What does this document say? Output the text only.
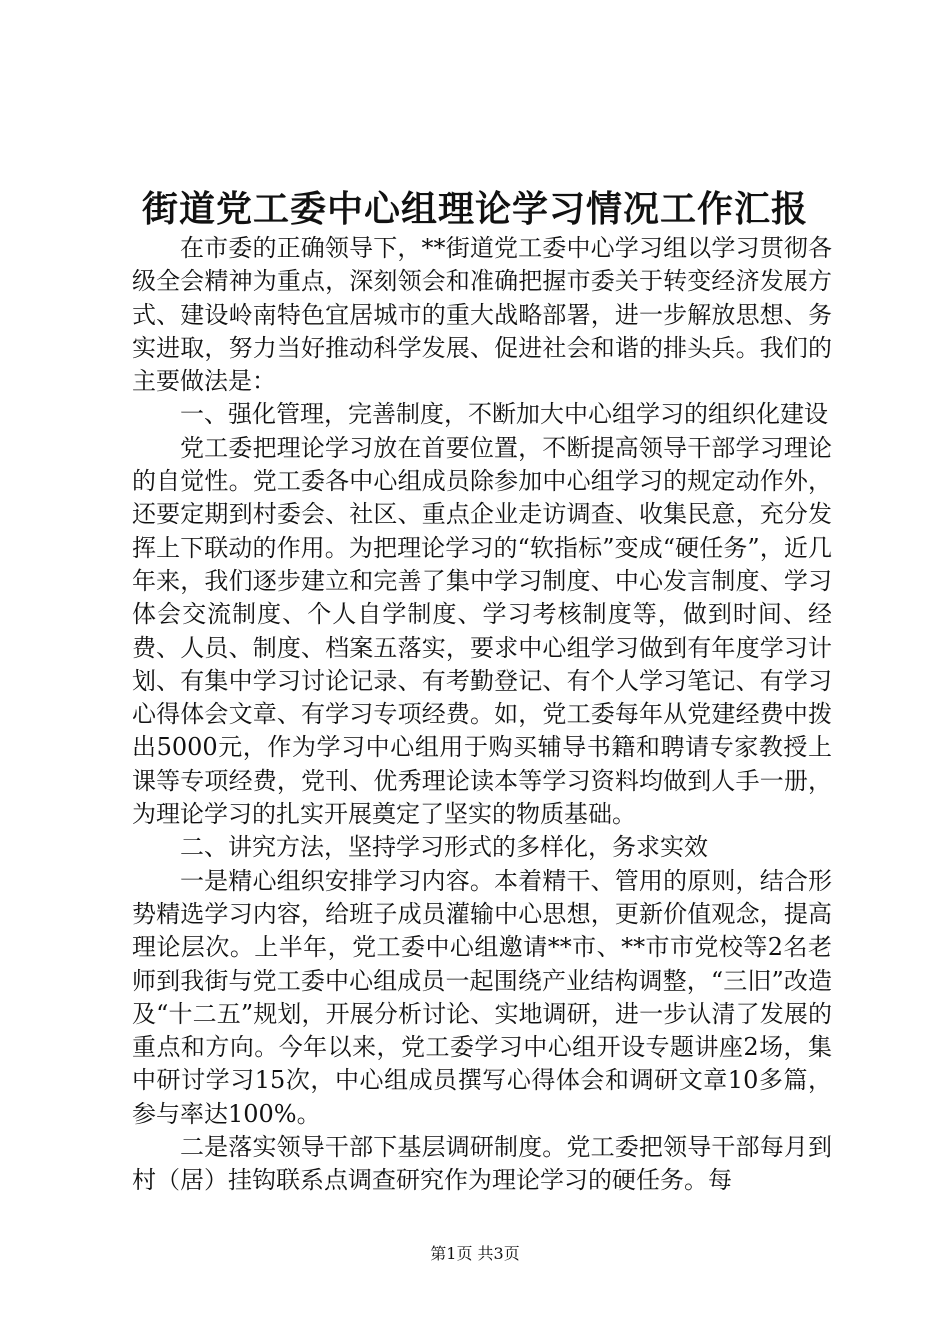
街道党工委中心组理论学习情况工作汇报

在市委的正确领导下，**街道党工委中心学习组以学习贯彻各级全会精神为重点，深刻领会和准确把握市委关于转变经济发展方式、建设岭南特色宜居城市的重大战略部署，进一步解放思想、务实进取，努力当好推动科学发展、促进社会和谐的排头兵。我们的主要做法是：

一、强化管理，完善制度，不断加大中心组学习的组织化建设

党工委把理论学习放在首要位置，不断提高领导干部学习理论的自觉性。党工委各中心组成员除参加中心组学习的规定动作外，还要定期到村委会、社区、重点企业走访调查、收集民意，充分发挥上下联动的作用。为把理论学习的“软指标”变成“硬任务”，近几年来，我们逐步建立和完善了集中学习制度、中心发言制度、学习体会交流制度、个人自学制度、学习考核制度等，做到时间、经费、人员、制度、档案五落实，要求中心组学习做到有年度学习计划、有集中学习讨论记录、有考勤登记、有个人学习笔记、有学习心得体会文章、有学习专项经费。如，党工委每年从党建经费中拨出5000元，作为学习中心组用于购买辅导书籍和聘请专家教授上课等专项经费，党刊、优秀理论读本等学习资料均做到人手一册，为理论学习的扎实开展奠定了坚实的物质基础。

二、讲究方法，坚持学习形式的多样化，务求实效

一是精心组织安排学习内容。本着精干、管用的原则，结合形势精选学习内容，给班子成员灌输中心思想，更新价值观念，提高理论层次。上半年，党工委中心组邀请**市、**市市党校等2名老师到我街与党工委中心组成员一起围绕产业结构调整，“三旧”改造及“十二五”规划，开展分析讨论、实地调研，进一步认清了发展的重点和方向。今年以来，党工委学习中心组开设专题讲座2场，集中研讨学习15次，中心组成员撰写心得体会和调研文章10多篇，参与率达100%。

二是落实领导干部下基层调研制度。党工委把领导干部每月到村（居）挂钩联系点调查研究作为理论学习的硬任务。每

第1页 共3页
